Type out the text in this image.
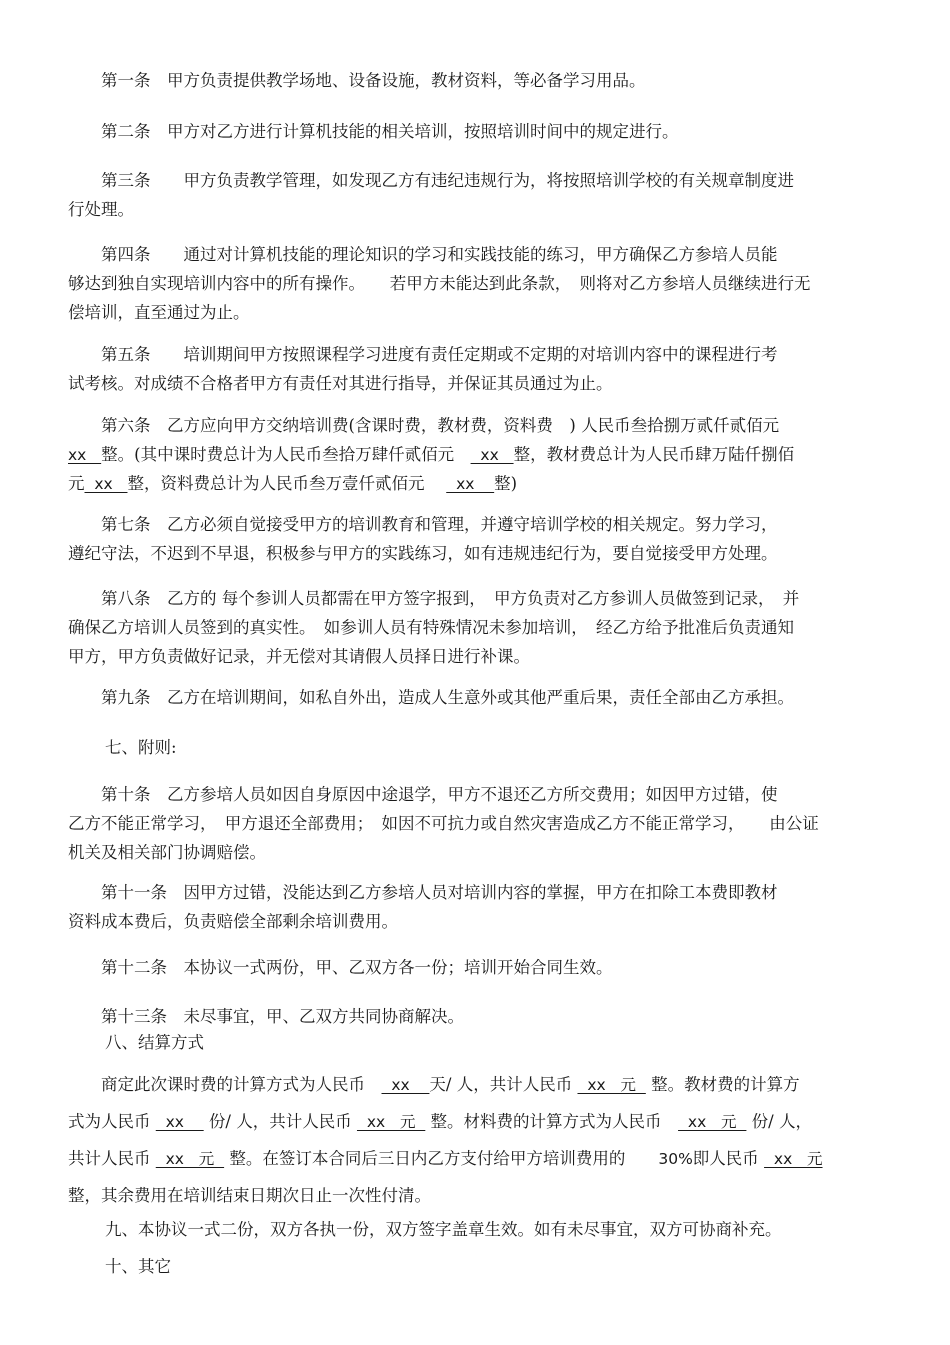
　　第一条　甲方负责提供教学场地、设备设施，教材资料，等必备学习用品。
　　第二条　甲方对乙方进行计算机技能的相关培训，按照培训时间中的规定进行。
　　第三条　　甲方负责教学管理，如发现乙方有违纪违规行为，将按照培训学校的有关规章制度进
行处理。
　　第四条　　通过对计算机技能的理论知识的学习和实践技能的练习，甲方确保乙方参培人员能
够达到独自实现培训内容中的所有操作。　　若甲方未能达到此条款，　则将对乙方参培人员继续进行无
偿培训，直至通过为止。
　　第五条　　培训期间甲方按照课程学习进度有责任定期或不定期的对培训内容中的课程进行考
试考核。对成绩不合格者甲方有责任对其进行指导，并保证其员通过为止。
　　第六条　乙方应向甲方交纳培训费(含课时费，教材费，资料费　) 人民币叁拾捌万贰仟贰佰元
xx   整。(其中课时费总计为人民币叁拾万肆仟贰佰元　  xx   整，教材费总计为人民币肆万陆仟捌佰
元  xx   整，资料费总计为人民币叁万壹仟贰佰元　   xx    整)
　　第七条　乙方必须自觉接受甲方的培训教育和管理，并遵守培训学校的相关规定。努力学习，
遵纪守法，不迟到不早退，积极参与甲方的实践练习，如有违规违纪行为，要自觉接受甲方处理。
　　第八条　乙方的 每个参训人员都需在甲方签字报到，　甲方负责对乙方参训人员做签到记录，　并
确保乙方培训人员签到的真实性。　如参训人员有特殊情况未参加培训，　经乙方给予批准后负责通知
甲方，甲方负责做好记录，并无偿对其请假人员择日进行补课。
　　第九条　乙方在培训期间，如私自外出，造成人生意外或其他严重后果，责任全部由乙方承担。
七、附则:
　　第十条　乙方参培人员如因自身原因中途退学，甲方不退还乙方所交费用；如因甲方过错，使
乙方不能正常学习，　甲方退还全部费用；　如因不可抗力或自然灾害造成乙方不能正常学习，　　由公证
机关及相关部门协调赔偿。
　　第十一条　因甲方过错，没能达到乙方参培人员对培训内容的掌握，甲方在扣除工本费即教材
资料成本费后，负责赔偿全部剩余培训费用。
　　第十二条　本协议一式两份，甲、乙双方各一份；培训开始合同生效。
　　第十三条　未尽事宜，甲、乙双方共同协商解决。
八、结算方式
　　商定此次课时费的计算方式为人民币　  xx    天/ 人，共计人民币   xx   元   整。教材费的计算方
式为人民币   xx     份/ 人，共计人民币   xx   元   整。材料费的计算方式为人民币　  xx   元   份/ 人，
共计人民币   xx   元   整。在签订本合同后三日内乙方支付给甲方培训费用的　　30%即人民币   xx   元
整，其余费用在培训结束日期次日止一次性付清。
九、本协议一式二份，双方各执一份，双方签字盖章生效。如有未尽事宜，双方可协商补充。
十、其它
